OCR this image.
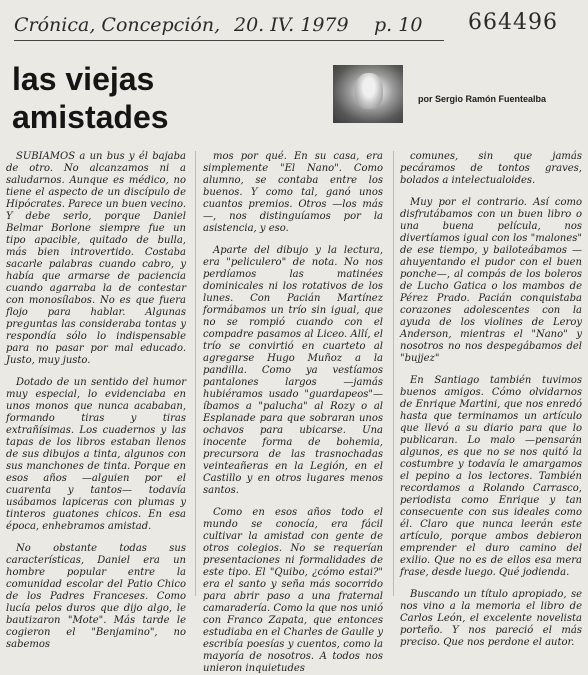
Crónica, Concepción, 20. IV. 1979 p. 10 664496
las viejas
amistades	por Sergio Ramón Fuentealba

SUBIAMOS a un bus y él bajaba de otro. No alcanzamos ni a saludarnos. Aunque es médico, no tiene el aspecto de un discípulo de Hipócrates. Parece un buen vecino. Y debe serlo, porque Daniel Belmar Borlone siempre fue un tipo apacible, quitado de bulla, más bien introvertido. Costaba sacarle palabras cuando cabro, y había que armarse de paciencia cuando agarraba la de contestar con monosílabos. No es que fuera flojo para hablar. Algunas preguntas las consideraba tontas y respondía sólo lo indispensable para no pasar por mal educado. Justo, muy justo.

Dotado de un sentido del humor muy especial, lo evidenciaba en unos monos que nunca acababan, formando tiras y tiras extrañísimas. Los cuadernos y las tapas de los libros estaban llenos de sus dibujos a tinta, algunos con sus manchones de tinta. Porque en esos años —alguien por el cuarenta y tantos— todavía usábamos lapiceras con plumas y tinteros guatones chicos. En esa época, enhebramos amistad.

No obstante todas sus características, Daniel era un hombre popular entre la comunidad escolar del Patio Chico de los Padres Franceses. Como lucía pelos duros que dijo algo, le bautizaron "Mote". Más tarde le cogieron el "Benjamino", no sabemos

mos por qué. En su casa, era simplemente "El Nano". Como alumno, se contaba entre los buenos. Y como tal, ganó unos cuantos premios. Otros —los más—, nos distinguíamos por la asistencia, y eso.

Aparte del dibujo y la lectura, era "peliculero" de nota. No nos perdíamos las matinées dominicales ni los rotativos de los lunes. Con Pacián Martínez formábamos un trío sin igual, que no se rompió cuando con el compadre pasamos al Liceo. Allí, el trío se convirtió en cuarteto al agregarse Hugo Muñoz a la pandilla. Como ya vestíamos pantalones largos —jamás hubiéramos usado "guardapeos"— íbamos a "palucha" al Rozy o al Esplanade para que sobraran unos ochavos para ubicarse. Una inocente forma de bohemia, precursora de las trasnochadas veinteañeras en la Legión, en el Castillo y en otros lugares menos santos.

Como en esos años todo el mundo se conocía, era fácil cultivar la amistad con gente de otros colegios. No se requerían presentaciones ni formalidades de este tipo. El "Quibo, ¿cómo estai?" era el santo y seña más socorrido para abrir paso a una fraternal camaradería. Como la que nos unió con Franco Zapata, que entonces estudiaba en el Charles de Gaulle y escribía poesías y cuentos, como la mayoría de nosotros. A todos nos unieron inquietudes

comunes, sin que jamás pecáramos de tontos graves, bolados a intelectualoides.

Muy por el contrario. Así como disfrutábamos con un buen libro o una buena película, nos divertíamos igual con los "malones" de ese tiempo, y bailoteábamos —ahuyentando el pudor con el buen ponche—, al compás de los boleros de Lucho Gatica o los mambos de Pérez Prado. Pacián conquistaba corazones adolescentes con la ayuda de los violines de Leroy Anderson, mientras el "Nano" y nosotros no nos despegábamos del "bujjez"

En Santiago también tuvimos buenos amigos. Cómo olvidarnos de Enrique Martini, que nos enredó hasta que terminamos un artículo que llevó a su diario para que lo publicaran. Lo malo —pensarán algunos, es que no se nos quitó la costumbre y todavía le amargamos el pepino a los lectores. También recordamos a Rolando Carrasco, periodista como Enrique y tan consecuente con sus ideales como él. Claro que nunca leerán este artículo, porque ambos debieron emprender el duro camino del exilio. Que no es de ellos esa mera frase, desde luego. Qué jodienda.

Buscando un título apropiado, se nos vino a la memoria el libro de Carlos León, el excelente novelista porteño. Y nos pareció el más preciso. Que nos perdone el autor.
